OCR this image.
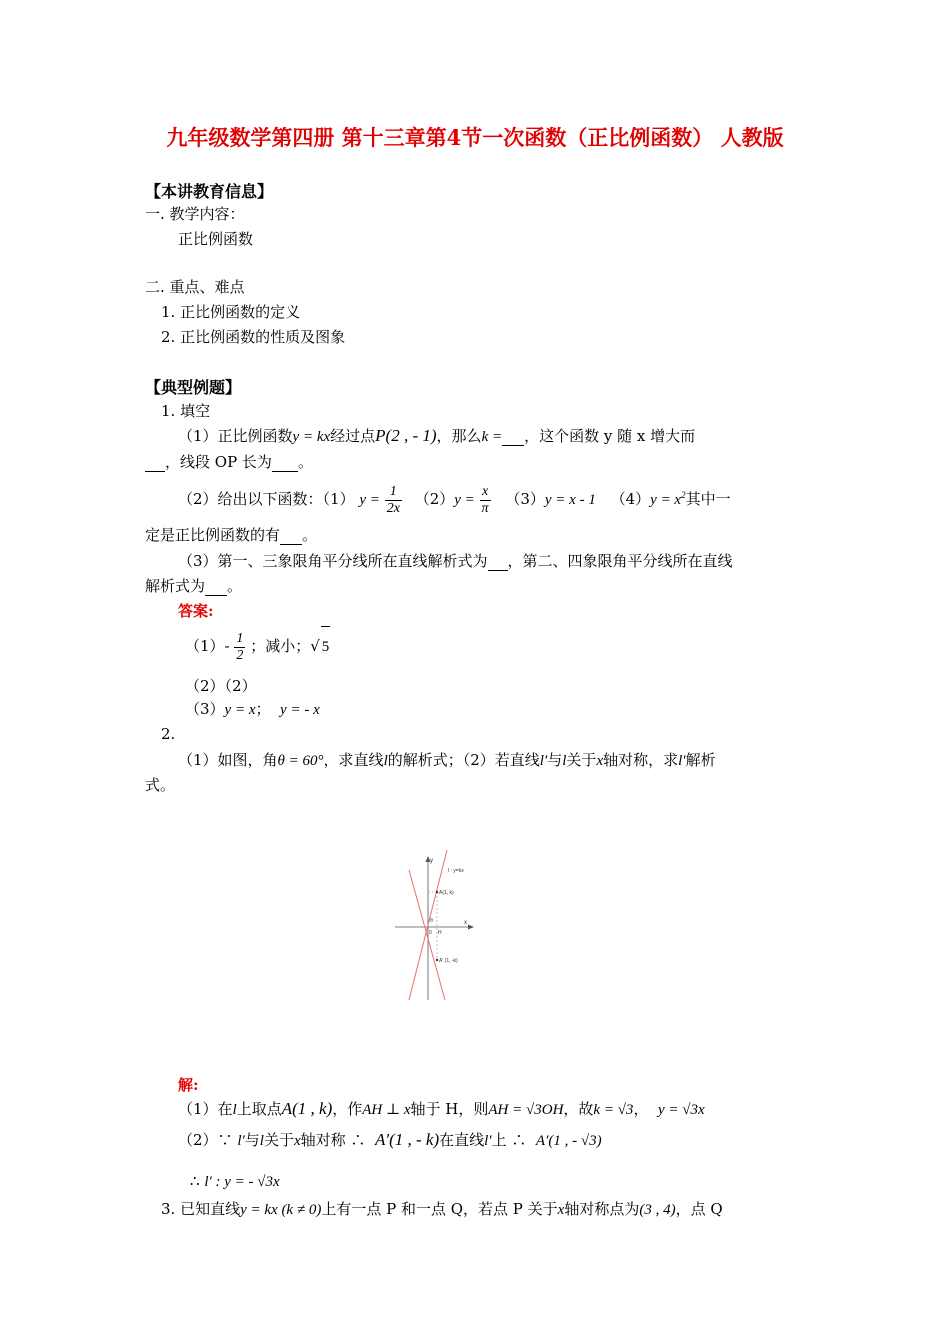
九年级数学第四册 第十三章第4节一次函数（正比例函数） 人教版
【本讲教育信息】
一. 教学内容：
正比例函数
二. 重点、难点
1. 正比例函数的定义
2. 正比例函数的性质及图象
【典型例题】
1. 填空
（1）正比例函数y = kx经过点P(2 , - 1)，那么k = ，这个函数 y 随 x 增大而
，线段 OP 长为 。
（2）给出以下函数：（1） $y = \frac{1}{2x} (2)y = \frac{x}{\pi} (3)y = x - 1$ $(4)y = x^2$其中一
定是正比例函数的有 。
（3）第一、三象限角平分线所在直线解析式为 ，第二、四象限角平分线所在直线
解析式为 。
答案:
$(1)- \frac{1}{2}$ ；减小；√ 5
（2）（2）
（3）y = x； y = - x
2.
（1）如图，角θ = 60°，求直线l的解析式；（2）若直线l′与l关于x轴对称，求l′解析
式。
l : y=kx
A(1, k)
A′ (1, -k)
x
y
0 H
θ
解:
（1）在l上取点A(1 , k)，作AH ⊥ x轴于 H，则AH = √3OH，故k = √3， y = √3x
（2）∵ l′与l关于x轴对称 ∴ A′(1 , - k)在直线l′上 ∴ A′(1 , - √3)
∴ l′ : y = - √3x
3. 已知直线y = kx (k ≠ 0)上有一点 P 和一点 Q，若点 P 关于x轴对称点为(3 , 4)，点 Q
